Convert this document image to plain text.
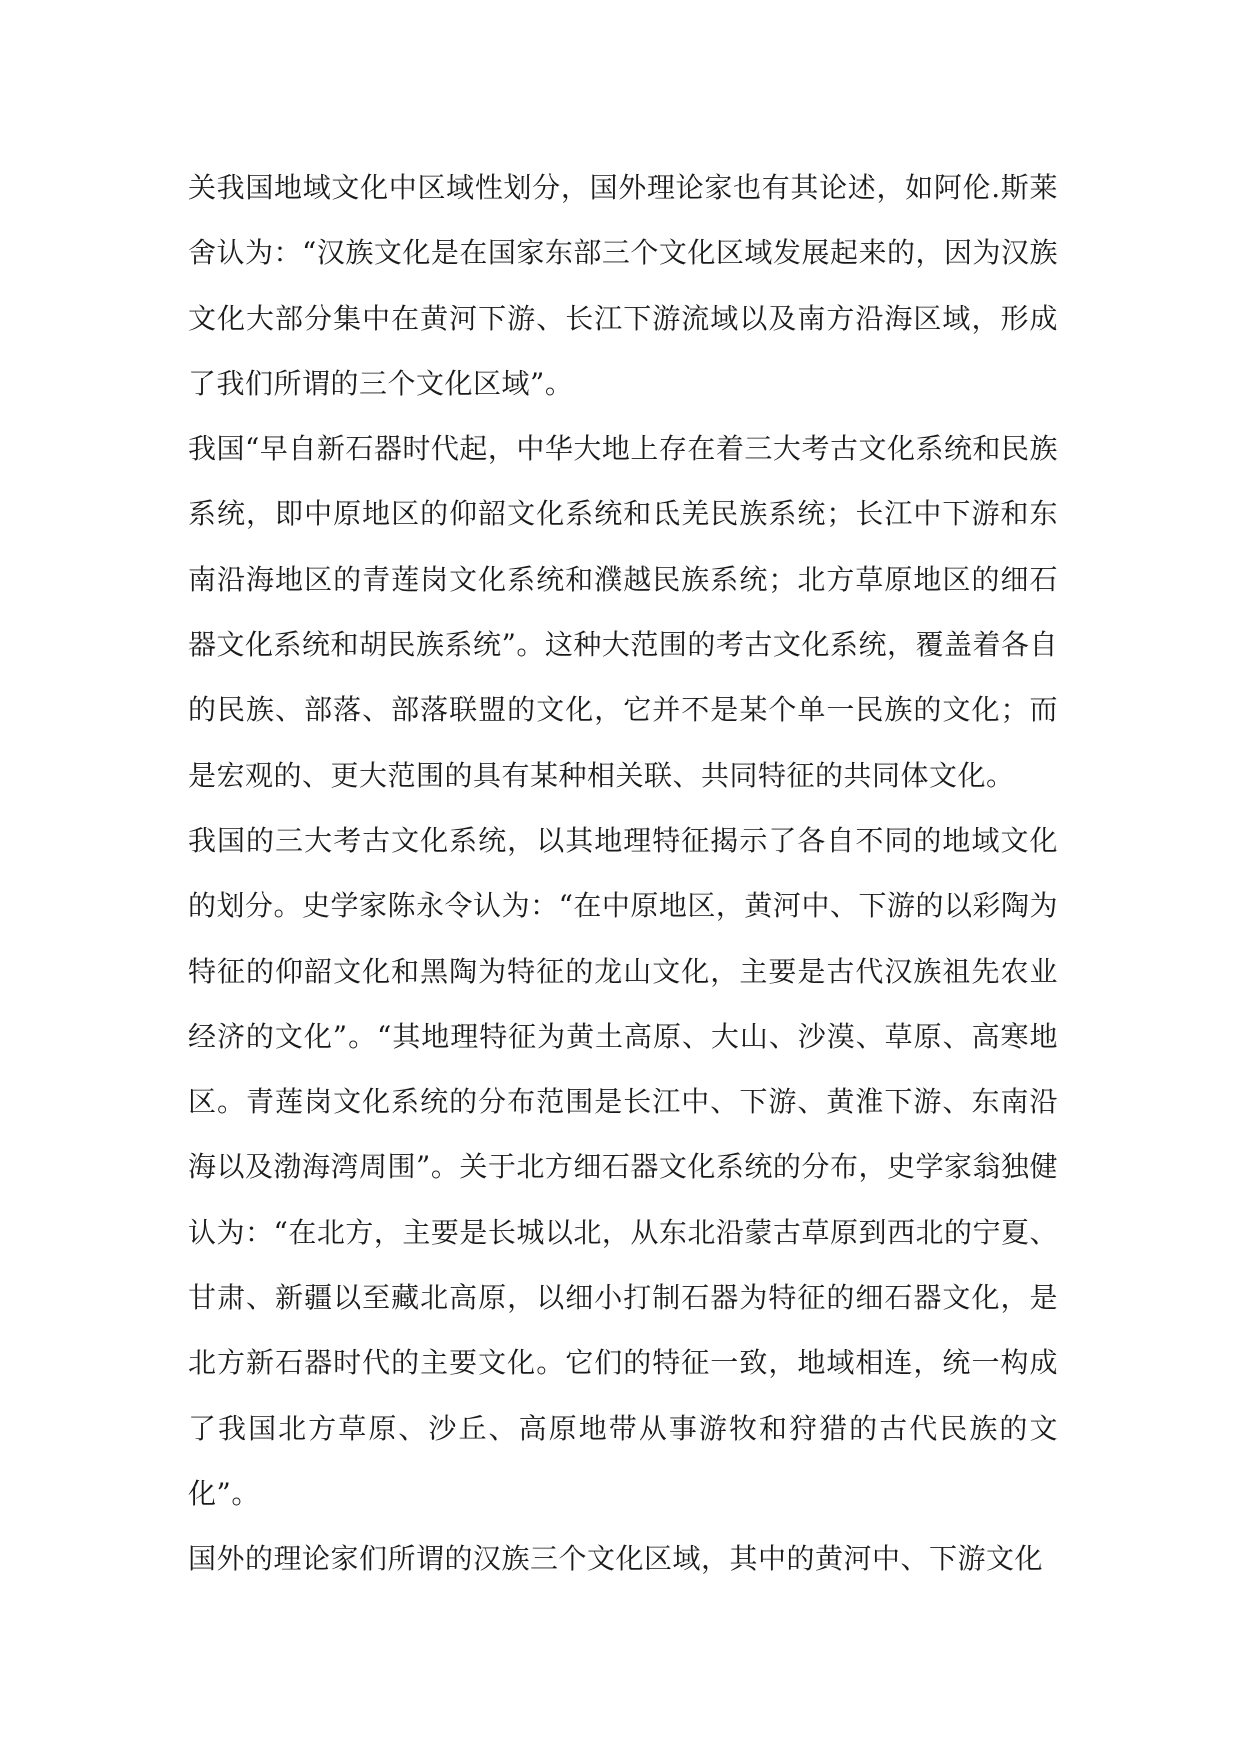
关我国地域文化中区域性划分，国外理论家也有其论述，如阿伦.斯莱舍认为：“汉族文化是在国家东部三个文化区域发展起来的，因为汉族文化大部分集中在黄河下游、长江下游流域以及南方沿海区域，形成了我们所谓的三个文化区域”。

我国“早自新石器时代起，中华大地上存在着三大考古文化系统和民族系统，即中原地区的仰韶文化系统和氐羌民族系统；长江中下游和东南沿海地区的青莲岗文化系统和濮越民族系统；北方草原地区的细石器文化系统和胡民族系统”。这种大范围的考古文化系统，覆盖着各自的民族、部落、部落联盟的文化，它并不是某个单一民族的文化；而是宏观的、更大范围的具有某种相关联、共同特征的共同体文化。

我国的三大考古文化系统，以其地理特征揭示了各自不同的地域文化的划分。史学家陈永令认为：“在中原地区，黄河中、下游的以彩陶为特征的仰韶文化和黑陶为特征的龙山文化，主要是古代汉族祖先农业经济的文化”。“其地理特征为黄土高原、大山、沙漠、草原、高寒地区。青莲岗文化系统的分布范围是长江中、下游、黄淮下游、东南沿海以及渤海湾周围”。关于北方细石器文化系统的分布，史学家翁独健认为：“在北方，主要是长城以北，从东北沿蒙古草原到西北的宁夏、甘肃、新疆以至藏北高原，以细小打制石器为特征的细石器文化，是北方新石器时代的主要文化。它们的特征一致，地域相连，统一构成了我国北方草原、沙丘、高原地带从事游牧和狩猎的古代民族的文化”。

国外的理论家们所谓的汉族三个文化区域，其中的黄河中、下游文化
